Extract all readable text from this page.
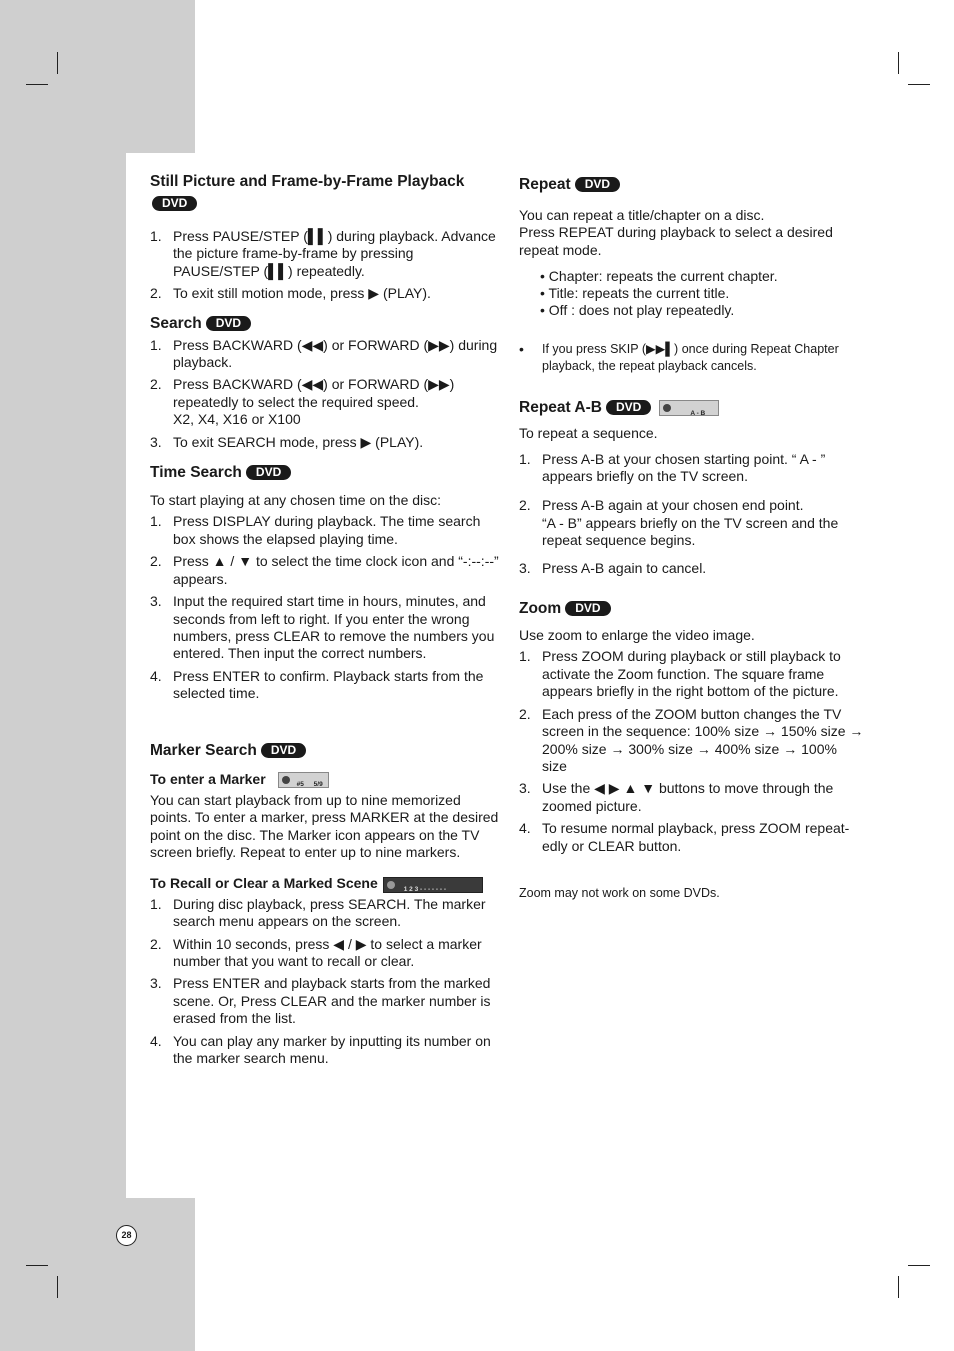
Still Picture and Frame-by-Frame Playback

DVD
1. Press PAUSE/STEP (▌▌) during playback. Advance the picture frame-by-frame by pressing PAUSE/STEP (▌▌) repeatedly.
2. To exit still motion mode, press ▶ (PLAY).

Search DVD

1. Press BACKWARD (◀◀) or FORWARD (▶▶) during playback.
2. Press BACKWARD (◀◀) or FORWARD (▶▶) repeatedly to select the required speed.
X2, X4, X16 or X100
3. To exit SEARCH mode, press ▶ (PLAY).

Time Search DVD

To start playing at any chosen time on the disc:

1. Press DISPLAY during playback. The time search box shows the elapsed playing time.
2. Press ▲ / ▼ to select the time clock icon and “-:--:--” appears.
3. Input the required start time in hours, minutes, and seconds from left to right. If you enter the wrong numbers, press CLEAR to remove the numbers you entered. Then input the correct numbers.
4. Press ENTER to confirm. Playback starts from the selected time.

Marker Search DVD

To enter a Marker	#5 5/9

You can start playback from up to nine memorized points. To enter a marker, press MARKER at the desired point on the disc. The Marker icon appears on the TV screen briefly. Repeat to enter up to nine markers.

To Recall or Clear a Marked Scene	1 2 3 - - - - - - -

1. During disc playback, press SEARCH. The marker search menu appears on the screen.
2. Within 10 seconds, press ◀ / ▶ to select a marker number that you want to recall or clear.
3. Press ENTER and playback starts from the marked scene. Or, Press CLEAR and the marker number is erased from the list.
4. You can play any marker by inputting its number on the marker search menu.

Repeat DVD

You can repeat a title/chapter on a disc.

Press REPEAT during playback to select a desired repeat mode.

• Chapter: repeats the current chapter.
• Title: repeats the current title.
• Off : does not play repeatedly.

• If you press SKIP (▶▶▌) once during Repeat Chapter playback, the repeat playback cancels.

Repeat A-B DVD	A - B

To repeat a sequence.

1. Press A-B at your chosen starting point. “ A - ” appears briefly on the TV screen.
2. Press A-B again at your chosen end point.
“A - B” appears briefly on the TV screen and the repeat sequence begins.
3. Press A-B again to cancel.

Zoom DVD

Use zoom to enlarge the video image.

1. Press ZOOM during playback or still playback to activate the Zoom function. The square frame appears briefly in the right bottom of the picture.
2. Each press of the ZOOM button changes the TV screen in the sequence: 100% size → 150% size → 200% size → 300% size → 400% size → 100% size
3. Use the ◀ ▶ ▲ ▼ buttons to move through the zoomed picture.
4. To resume normal playback, press ZOOM repeat-edly or CLEAR button.

Zoom may not work on some DVDs.

28
